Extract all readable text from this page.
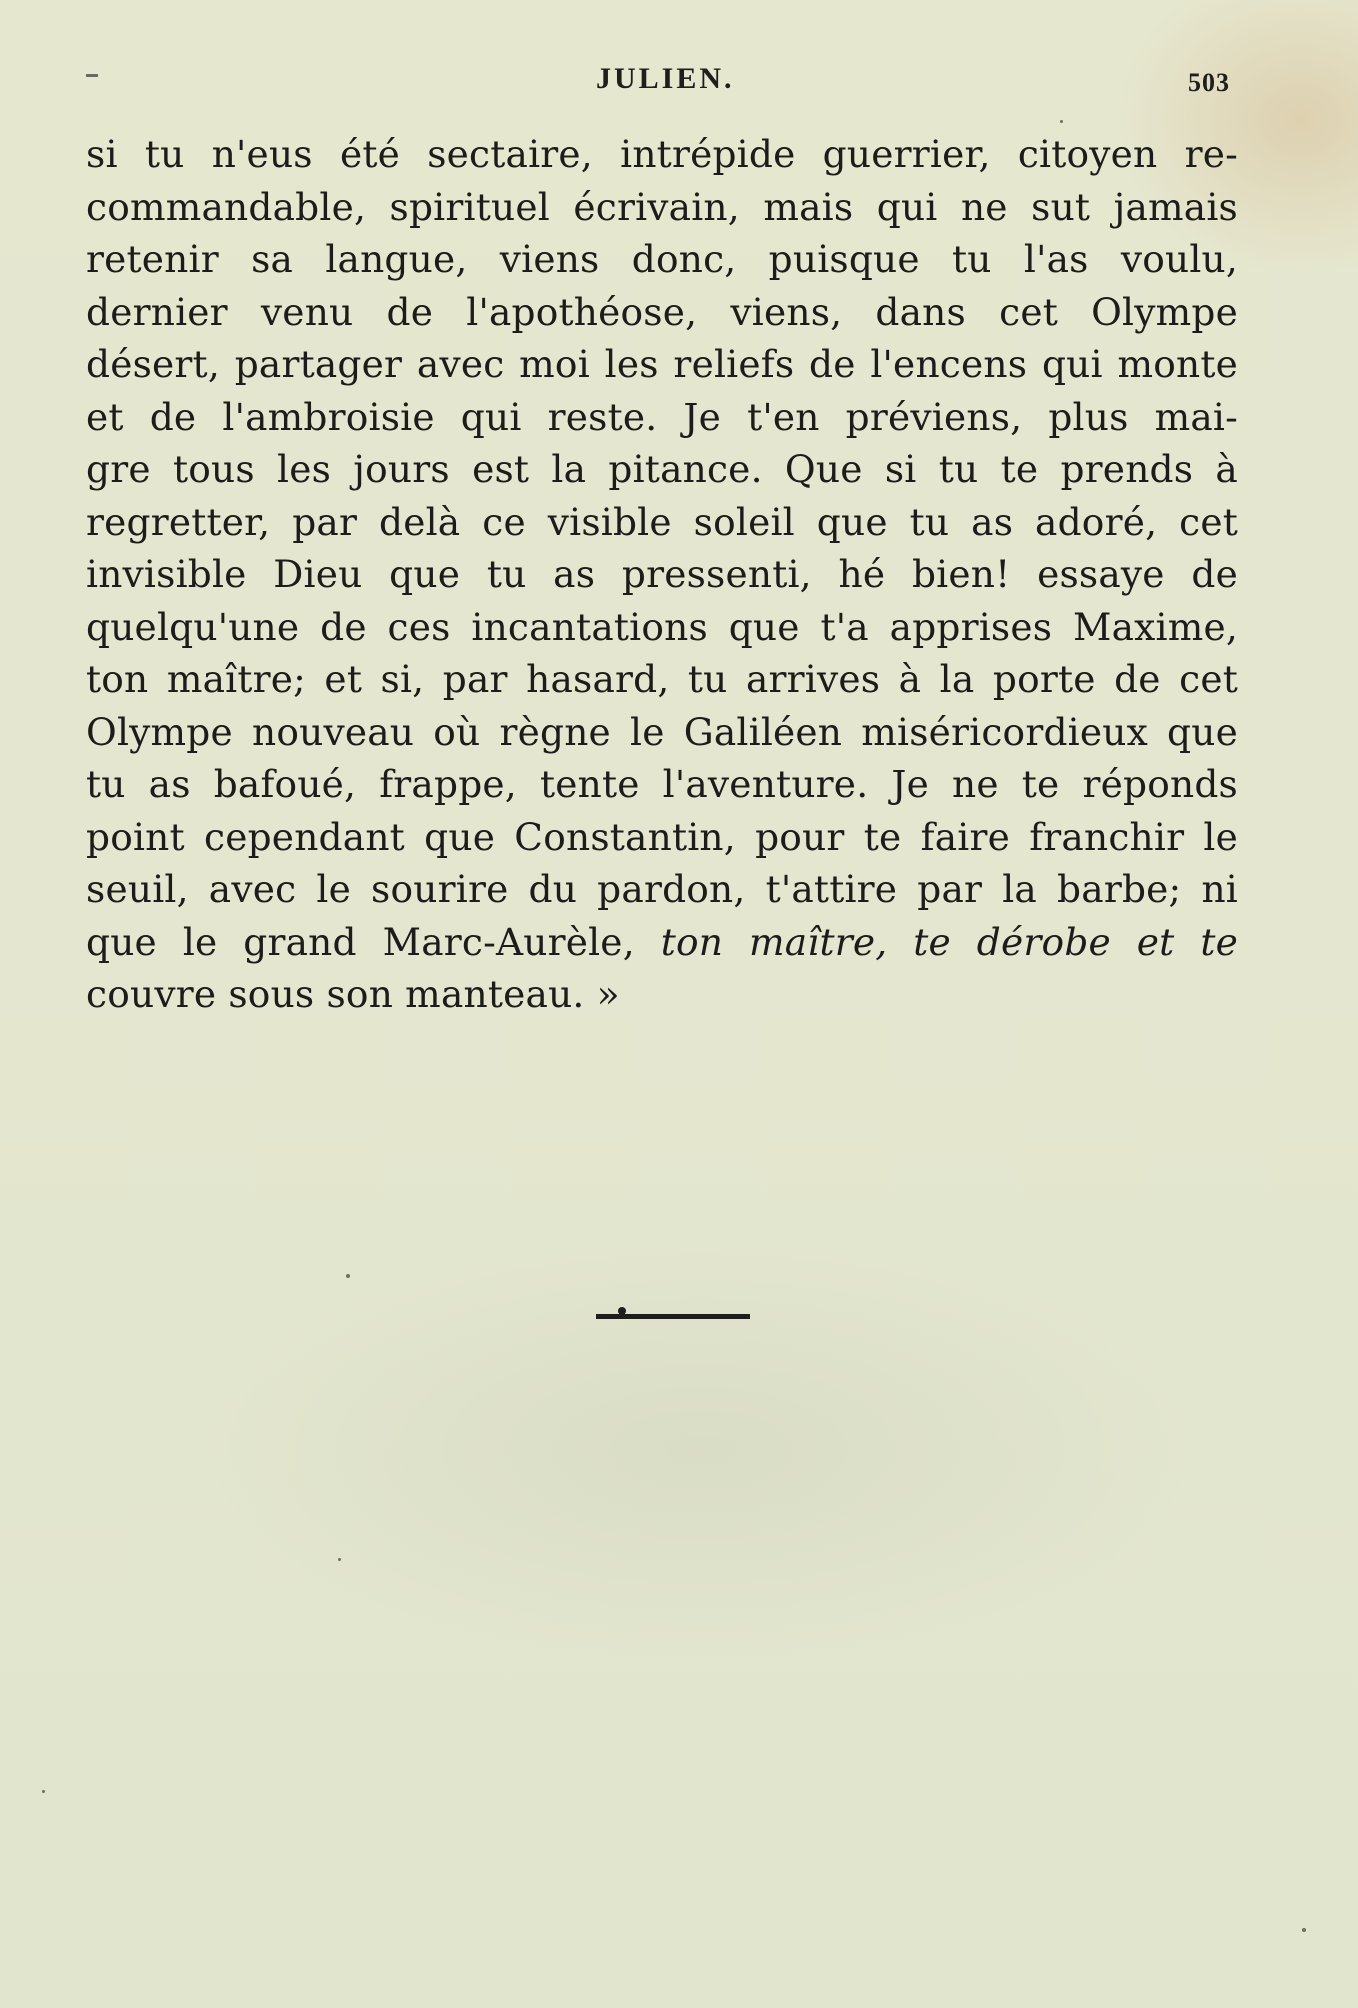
JULIEN.	503
si tu n'eus été sectaire, intrépide guerrier, citoyen re-
commandable, spirituel écrivain, mais qui ne sut jamais
retenir sa langue, viens donc, puisque tu l'as voulu,
dernier venu de l'apothéose, viens, dans cet Olympe
désert, partager avec moi les reliefs de l'encens qui monte
et de l'ambroisie qui reste. Je t'en préviens, plus mai-
gre tous les jours est la pitance. Que si tu te prends à
regretter, par delà ce visible soleil que tu as adoré, cet
invisible Dieu que tu as pressenti, hé bien! essaye de
quelqu'une de ces incantations que t'a apprises Maxime,
ton maître; et si, par hasard, tu arrives à la porte de cet
Olympe nouveau où règne le Galiléen miséricordieux que
tu as bafoué, frappe, tente l'aventure. Je ne te réponds
point cependant que Constantin, pour te faire franchir le
seuil, avec le sourire du pardon, t'attire par la barbe; ni
que le grand Marc-Aurèle, ton maître, te dérobe et te
couvre sous son manteau. »
